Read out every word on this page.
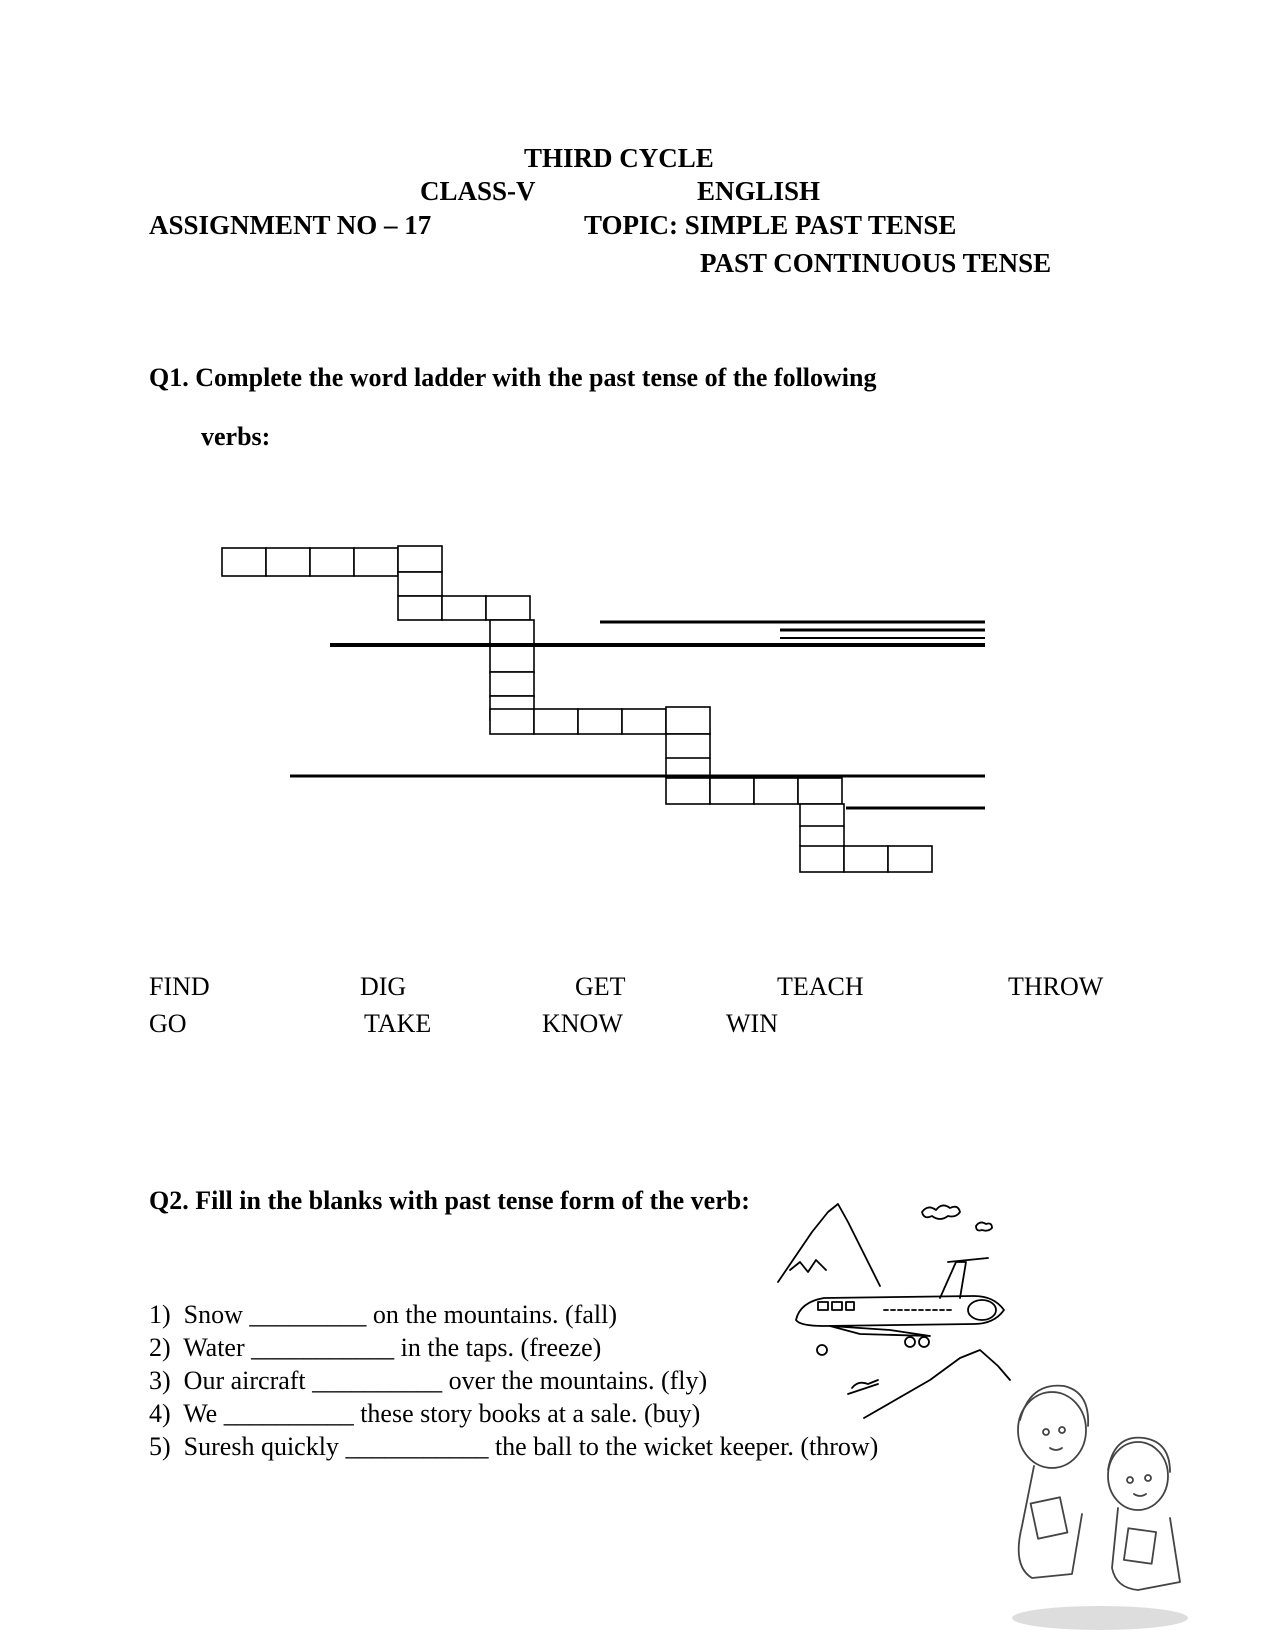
THIRD CYCLE
CLASS-V	ENGLISH
ASSIGNMENT NO – 17	TOPIC: SIMPLE PAST TENSE
PAST CONTINUOUS TENSE
Q1. Complete the word ladder with the past tense of the following
verbs:
FIND	DIG	GET	TEACH	THROW
GO	TAKE	KNOW	WIN
Q2. Fill in the blanks with past tense form of the verb:
1) Snow _________ on the mountains. (fall)
2) Water ___________ in the taps. (freeze)
3) Our aircraft __________ over the mountains. (fly)
4) We __________ these story books at a sale. (buy)
5) Suresh quickly ___________ the ball to the wicket keeper. (throw)
